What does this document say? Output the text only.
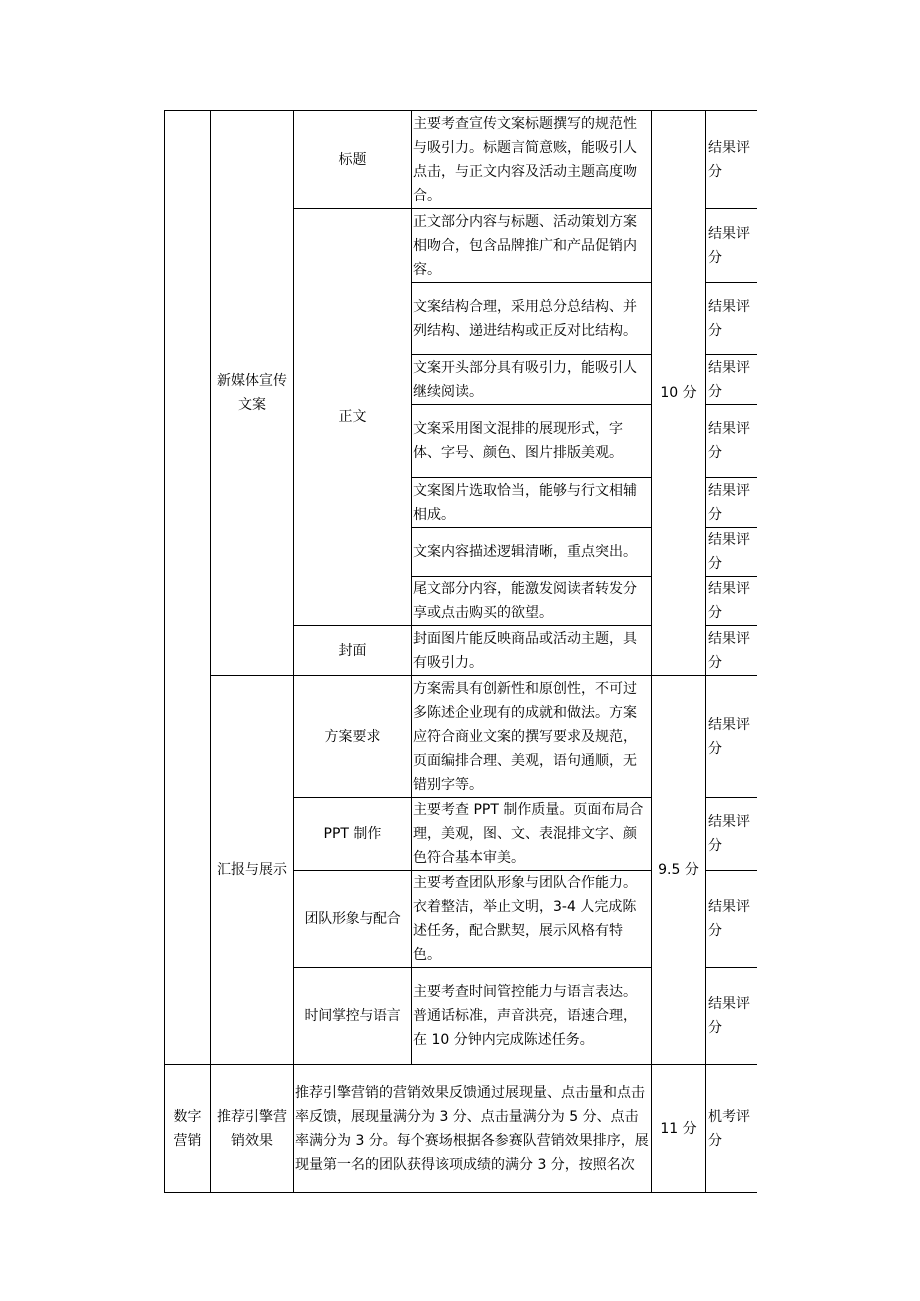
	新媒体宣传文案	标题	主要考查宣传文案标题撰写的规范性与吸引力。标题言简意赅，能吸引人点击，与正文内容及活动主题高度吻合。	10 分	结果评分
		正文	正文部分内容与标题、活动策划方案相吻合，包含品牌推广和产品促销内容。		结果评分
			文案结构合理，采用总分总结构、并列结构、递进结构或正反对比结构。		结果评分
			文案开头部分具有吸引力，能吸引人继续阅读。		结果评分
			文案采用图文混排的展现形式，字体、字号、颜色、图片排版美观。		结果评分
			文案图片选取恰当，能够与行文相辅相成。		结果评分
			文案内容描述逻辑清晰，重点突出。		结果评分
			尾文部分内容，能激发阅读者转发分享或点击购买的欲望。		结果评分
		封面	封面图片能反映商品或活动主题，具有吸引力。		结果评分
	汇报与展示	方案要求	方案需具有创新性和原创性，不可过多陈述企业现有的成就和做法。方案应符合商业文案的撰写要求及规范，页面编排合理、美观，语句通顺，无错别字等。	9.5 分	结果评分
		PPT 制作	主要考查 PPT 制作质量。页面布局合理，美观，图、文、表混排文字、颜色符合基本审美。		结果评分
		团队形象与配合	主要考查团队形象与团队合作能力。衣着整洁，举止文明，3-4 人完成陈述任务，配合默契，展示风格有特色。		结果评分
		时间掌控与语言	主要考查时间管控能力与语言表达。普通话标准，声音洪亮，语速合理，在 10 分钟内完成陈述任务。		结果评分
数字营销	推荐引擎营销效果	推荐引擎营销的营销效果反馈通过展现量、点击量和点击率反馈，展现量满分为 3 分、点击量满分为 5 分、点击率满分为 3 分。每个赛场根据各参赛队营销效果排序，展现量第一名的团队获得该项成绩的满分 3 分，按照名次		11 分	机考评分
